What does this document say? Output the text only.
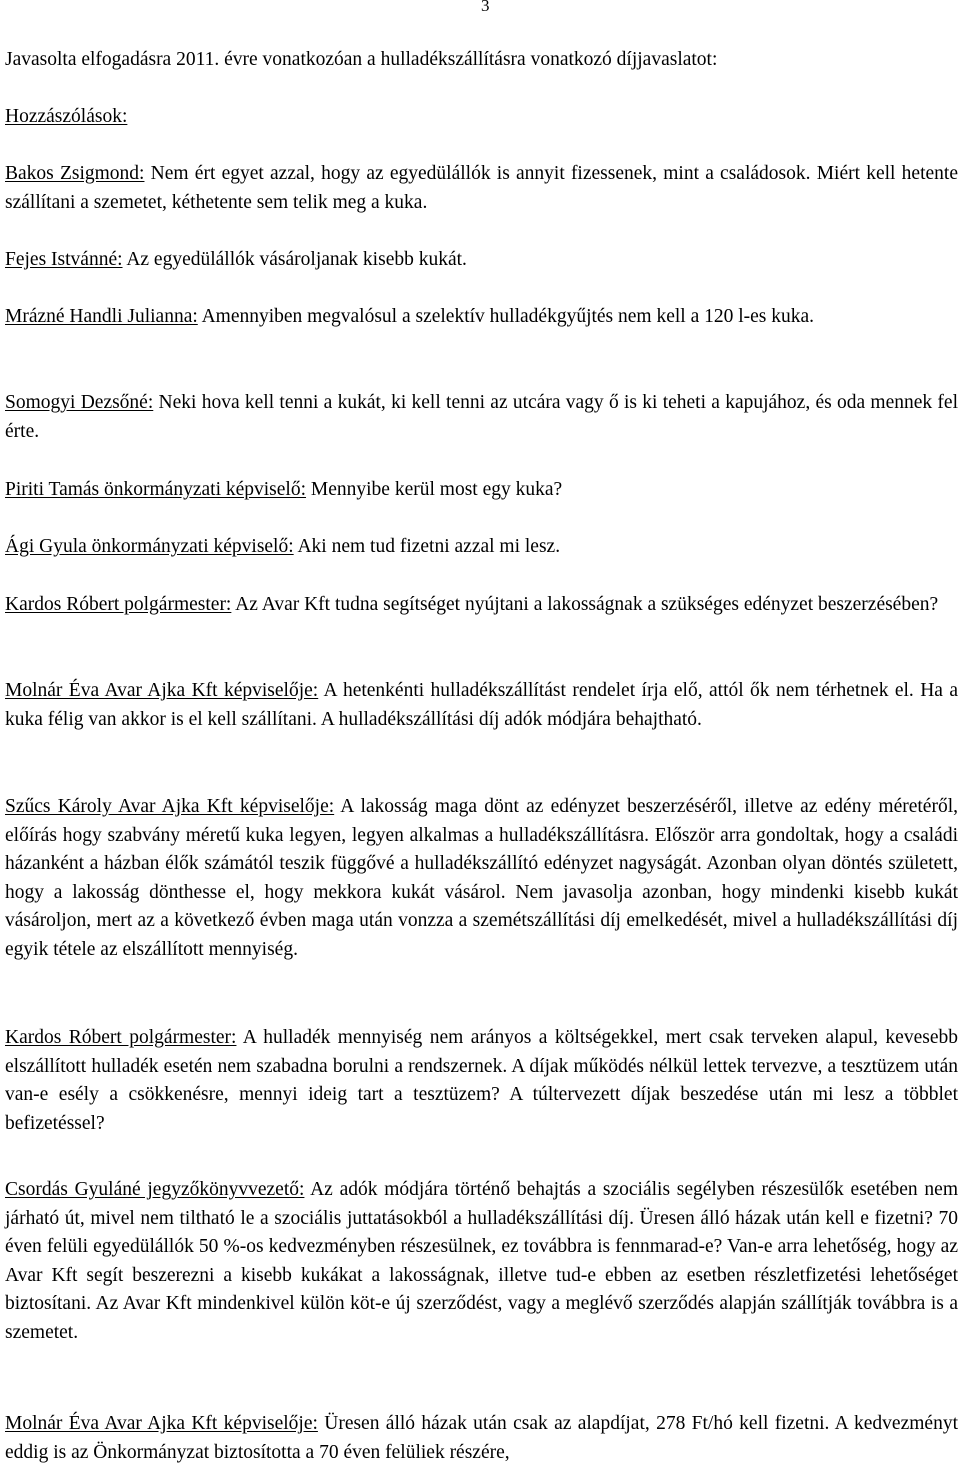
3

Javasolta elfogadásra 2011. évre vonatkozóan a hulladékszállításra vonatkozó díjjavaslatot:

Hozzászólások:

Bakos Zsigmond: Nem ért egyet azzal, hogy az egyedülállók is annyit fizessenek, mint a családosok. Miért kell hetente szállítani a szemetet, kéthetente sem telik meg a kuka.

Fejes Istvánné: Az egyedülállók vásároljanak kisebb kukát.

Mrázné Handli Julianna: Amennyiben megvalósul a szelektív hulladékgyűjtés nem kell a 120 l-es kuka.

Somogyi Dezsőné: Neki hova kell tenni a kukát, ki kell tenni az utcára vagy ő is ki teheti a kapujához, és oda mennek fel érte.

Piriti Tamás önkormányzati képviselő: Mennyibe kerül most egy kuka?

Ági Gyula önkormányzati képviselő: Aki nem tud fizetni azzal mi lesz.

Kardos Róbert polgármester: Az Avar Kft tudna segítséget nyújtani a lakosságnak a szükséges edényzet beszerzésében?

Molnár Éva Avar Ajka Kft képviselője: A hetenkénti hulladékszállítást rendelet írja elő, attól ők nem térhetnek el. Ha a kuka félig van akkor is el kell szállítani. A hulladékszállítási díj adók módjára behajtható.

Szűcs Károly Avar Ajka Kft képviselője: A lakosság maga dönt az edényzet beszerzéséről, illetve az edény méretéről, előírás hogy szabvány méretű kuka legyen, legyen alkalmas a hulladékszállításra. Először arra gondoltak, hogy a családi házanként a házban élők számától teszik függővé a hulladékszállító edényzet nagyságát. Azonban olyan döntés született, hogy a lakosság dönthesse el, hogy mekkora kukát vásárol. Nem javasolja azonban, hogy mindenki kisebb kukát vásároljon, mert az a következő évben maga után vonzza a szemétszállítási díj emelkedését, mivel a hulladékszállítási díj egyik tétele az elszállított mennyiség.

Kardos Róbert polgármester: A hulladék mennyiség nem arányos a költségekkel, mert csak terveken alapul, kevesebb elszállított hulladék esetén nem szabadna borulni a rendszernek. A díjak működés nélkül lettek tervezve, a tesztüzem után van-e esély a csökkenésre, mennyi ideig tart a tesztüzem? A túltervezett díjak beszedése után mi lesz a többlet befizetéssel?

Csordás Gyuláné jegyzőkönyvvezető: Az adók módjára történő behajtás a szociális segélyben részesülők esetében nem járható út, mivel nem tiltható le a szociális juttatásokból a hulladékszállítási díj. Üresen álló házak után kell e fizetni? 70 éven felüli egyedülállók 50 %-os kedvezményben részesülnek, ez továbbra is fennmarad-e? Van-e arra lehetőség, hogy az Avar Kft segít beszerezni a kisebb kukákat a lakosságnak, illetve tud-e ebben az esetben részletfizetési lehetőséget biztosítani. Az Avar Kft mindenkivel külön köt-e új szerződést, vagy a meglévő szerződés alapján szállítják továbbra is a szemetet.

Molnár Éva Avar Ajka Kft képviselője: Üresen álló házak után csak az alapdíjat, 278 Ft/hó kell fizetni. A kedvezményt eddig is az Önkormányzat biztosította a 70 éven felüliek részére,
